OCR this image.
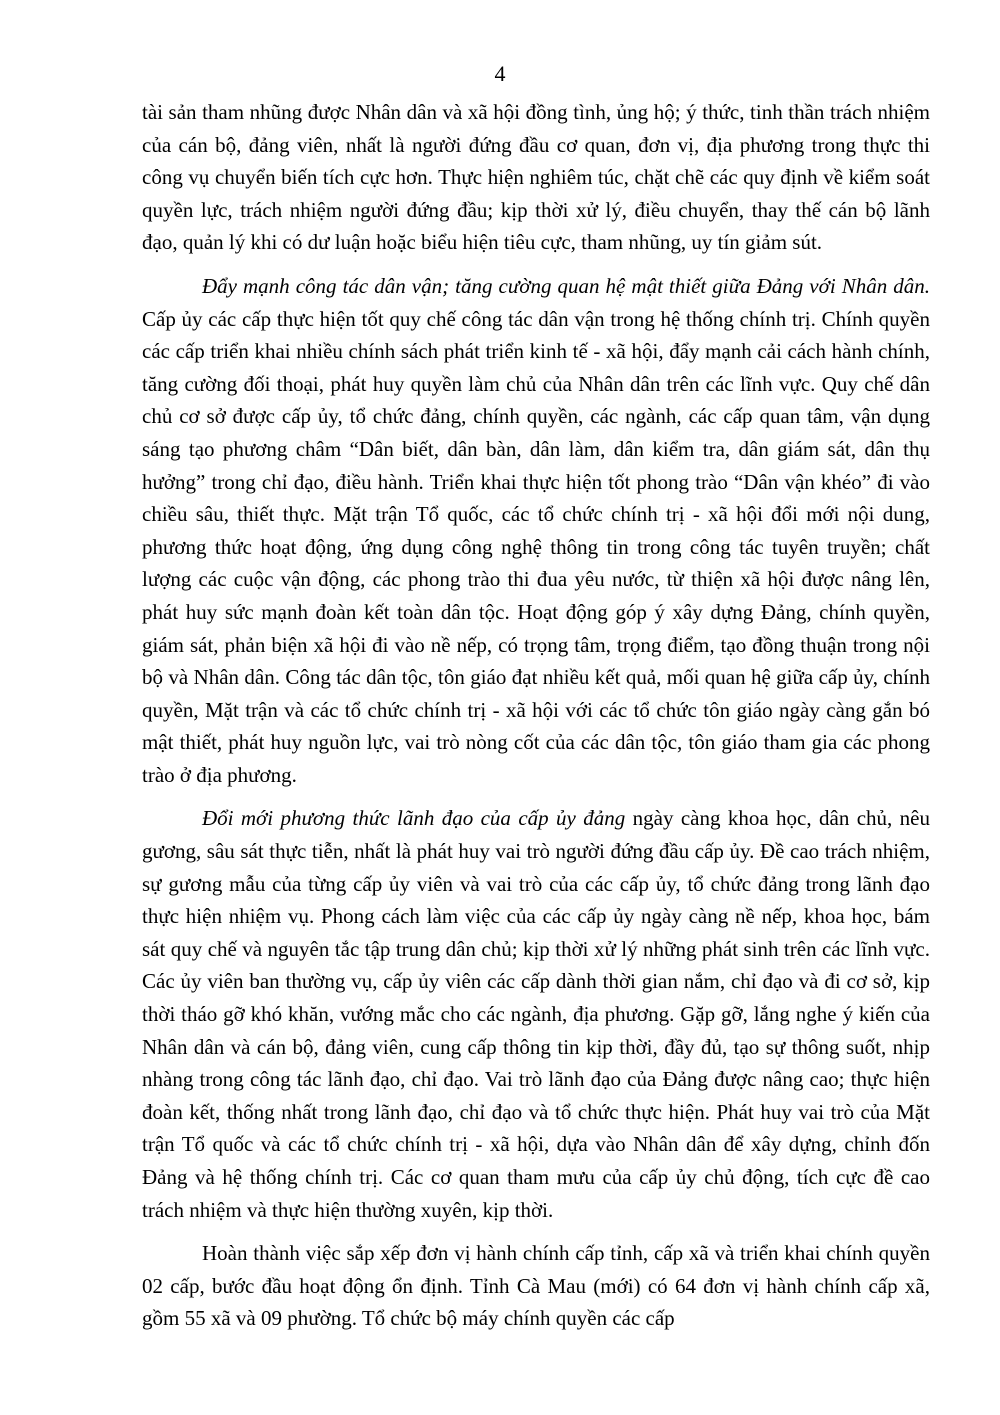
4

tài sản tham nhũng được Nhân dân và xã hội đồng tình, ủng hộ; ý thức, tinh thần trách nhiệm của cán bộ, đảng viên, nhất là người đứng đầu cơ quan, đơn vị, địa phương trong thực thi công vụ chuyển biến tích cực hơn. Thực hiện nghiêm túc, chặt chẽ các quy định về kiểm soát quyền lực, trách nhiệm người đứng đầu; kịp thời xử lý, điều chuyển, thay thế cán bộ lãnh đạo, quản lý khi có dư luận hoặc biểu hiện tiêu cực, tham nhũng, uy tín giảm sút.

Đẩy mạnh công tác dân vận; tăng cường quan hệ mật thiết giữa Đảng với Nhân dân. Cấp ủy các cấp thực hiện tốt quy chế công tác dân vận trong hệ thống chính trị. Chính quyền các cấp triển khai nhiều chính sách phát triển kinh tế - xã hội, đẩy mạnh cải cách hành chính, tăng cường đối thoại, phát huy quyền làm chủ của Nhân dân trên các lĩnh vực. Quy chế dân chủ cơ sở được cấp ủy, tổ chức đảng, chính quyền, các ngành, các cấp quan tâm, vận dụng sáng tạo phương châm “Dân biết, dân bàn, dân làm, dân kiểm tra, dân giám sát, dân thụ hưởng” trong chỉ đạo, điều hành. Triển khai thực hiện tốt phong trào “Dân vận khéo” đi vào chiều sâu, thiết thực. Mặt trận Tổ quốc, các tổ chức chính trị - xã hội đổi mới nội dung, phương thức hoạt động, ứng dụng công nghệ thông tin trong công tác tuyên truyền; chất lượng các cuộc vận động, các phong trào thi đua yêu nước, từ thiện xã hội được nâng lên, phát huy sức mạnh đoàn kết toàn dân tộc. Hoạt động góp ý xây dựng Đảng, chính quyền, giám sát, phản biện xã hội đi vào nề nếp, có trọng tâm, trọng điểm, tạo đồng thuận trong nội bộ và Nhân dân. Công tác dân tộc, tôn giáo đạt nhiều kết quả, mối quan hệ giữa cấp ủy, chính quyền, Mặt trận và các tổ chức chính trị - xã hội với các tổ chức tôn giáo ngày càng gắn bó mật thiết, phát huy nguồn lực, vai trò nòng cốt của các dân tộc, tôn giáo tham gia các phong trào ở địa phương.

Đổi mới phương thức lãnh đạo của cấp ủy đảng ngày càng khoa học, dân chủ, nêu gương, sâu sát thực tiễn, nhất là phát huy vai trò người đứng đầu cấp ủy. Đề cao trách nhiệm, sự gương mẫu của từng cấp ủy viên và vai trò của các cấp ủy, tổ chức đảng trong lãnh đạo thực hiện nhiệm vụ. Phong cách làm việc của các cấp ủy ngày càng nề nếp, khoa học, bám sát quy chế và nguyên tắc tập trung dân chủ; kịp thời xử lý những phát sinh trên các lĩnh vực. Các ủy viên ban thường vụ, cấp ủy viên các cấp dành thời gian nắm, chỉ đạo và đi cơ sở, kịp thời tháo gỡ khó khăn, vướng mắc cho các ngành, địa phương. Gặp gỡ, lắng nghe ý kiến của Nhân dân và cán bộ, đảng viên, cung cấp thông tin kịp thời, đầy đủ, tạo sự thông suốt, nhịp nhàng trong công tác lãnh đạo, chỉ đạo. Vai trò lãnh đạo của Đảng được nâng cao; thực hiện đoàn kết, thống nhất trong lãnh đạo, chỉ đạo và tổ chức thực hiện. Phát huy vai trò của Mặt trận Tổ quốc và các tổ chức chính trị - xã hội, dựa vào Nhân dân để xây dựng, chỉnh đốn Đảng và hệ thống chính trị. Các cơ quan tham mưu của cấp ủy chủ động, tích cực đề cao trách nhiệm và thực hiện thường xuyên, kịp thời.

Hoàn thành việc sắp xếp đơn vị hành chính cấp tỉnh, cấp xã và triển khai chính quyền 02 cấp, bước đầu hoạt động ổn định. Tỉnh Cà Mau (mới) có 64 đơn vị hành chính cấp xã, gồm 55 xã và 09 phường. Tổ chức bộ máy chính quyền các cấp
